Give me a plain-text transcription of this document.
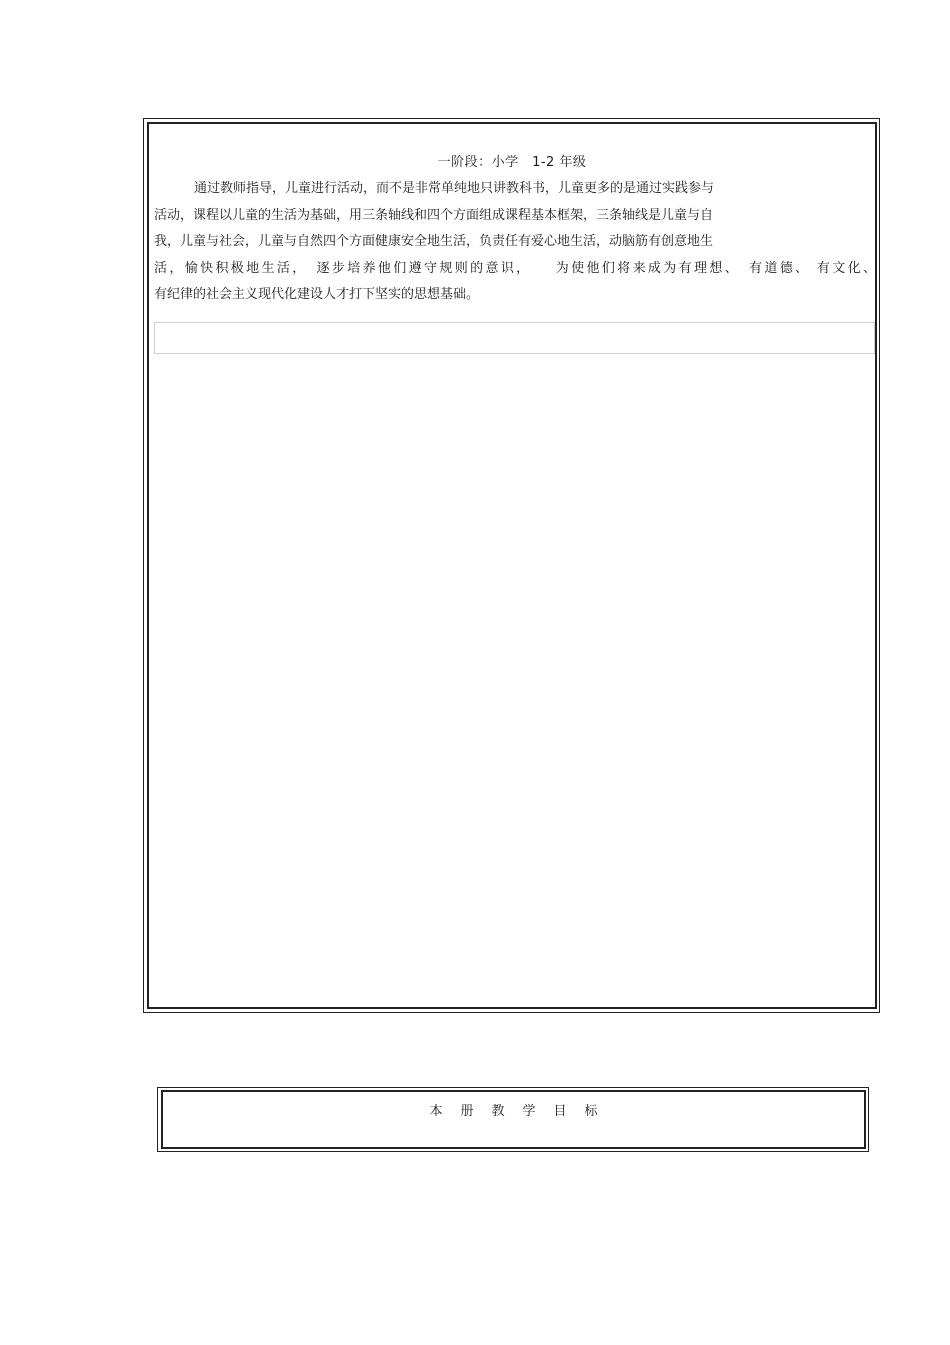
一阶段：小学　1-2 年级
通过教师指导，儿童进行活动，而不是非常单纯地只讲教科书，儿童更多的是通过实践参与
活动，课程以儿童的生活为基础，用三条轴线和四个方面组成课程基本框架，三条轴线是儿童与自
我，儿童与社会，儿童与自然四个方面健康安全地生活，负责任有爱心地生活，动脑筋有创意地生
活，愉快积极地生活，　逐步培养他们遵守规则的意识，　　为使他们将来成为有理想、　有道德、 有文化、
有纪律的社会主义现代化建设人才打下坚实的思想基础。
本册教学目标
